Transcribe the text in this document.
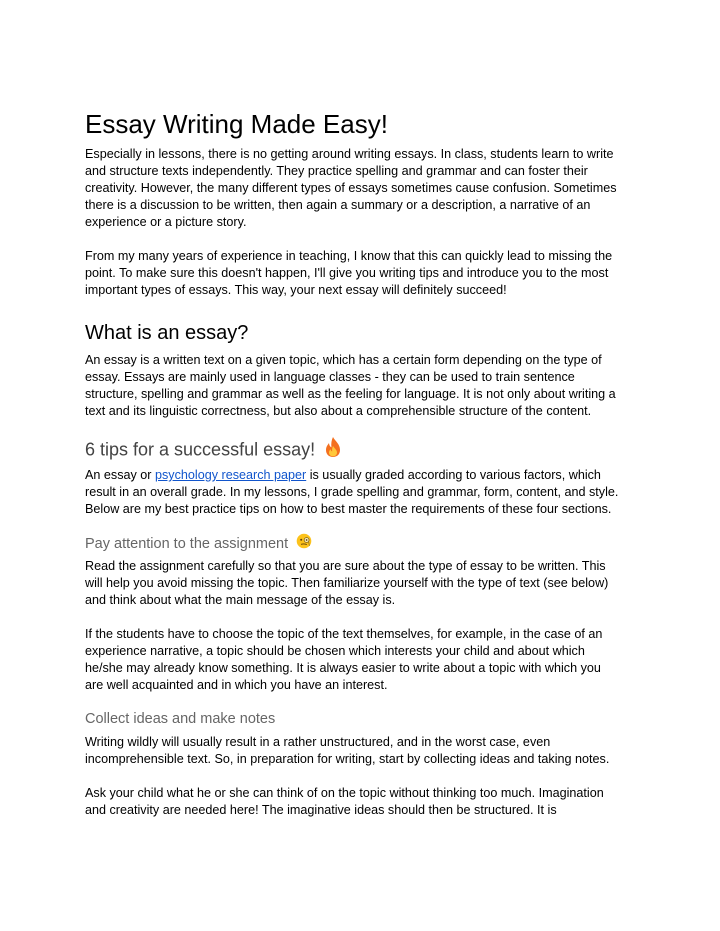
Essay Writing Made Easy!
Especially in lessons, there is no getting around writing essays. In class, students learn to write
and structure texts independently. They practice spelling and grammar and can foster their
creativity. However, the many different types of essays sometimes cause confusion. Sometimes
there is a discussion to be written, then again a summary or a description, a narrative of an
experience or a picture story.
From my many years of experience in teaching, I know that this can quickly lead to missing the
point. To make sure this doesn't happen, I'll give you writing tips and introduce you to the most
important types of essays. This way, your next essay will definitely succeed!
What is an essay?
An essay is a written text on a given topic, which has a certain form depending on the type of
essay. Essays are mainly used in language classes - they can be used to train sentence
structure, spelling and grammar as well as the feeling for language. It is not only about writing a
text and its linguistic correctness, but also about a comprehensible structure of the content.
6 tips for a successful essay!
An essay or psychology research paper is usually graded according to various factors, which
result in an overall grade. In my lessons, I grade spelling and grammar, form, content, and style.
Below are my best practice tips on how to best master the requirements of these four sections.
Pay attention to the assignment
Read the assignment carefully so that you are sure about the type of essay to be written. This
will help you avoid missing the topic. Then familiarize yourself with the type of text (see below)
and think about what the main message of the essay is.
If the students have to choose the topic of the text themselves, for example, in the case of an
experience narrative, a topic should be chosen which interests your child and about which
he/she may already know something. It is always easier to write about a topic with which you
are well acquainted and in which you have an interest.
Collect ideas and make notes
Writing wildly will usually result in a rather unstructured, and in the worst case, even
incomprehensible text. So, in preparation for writing, start by collecting ideas and taking notes.
Ask your child what he or she can think of on the topic without thinking too much. Imagination
and creativity are needed here! The imaginative ideas should then be structured. It is
